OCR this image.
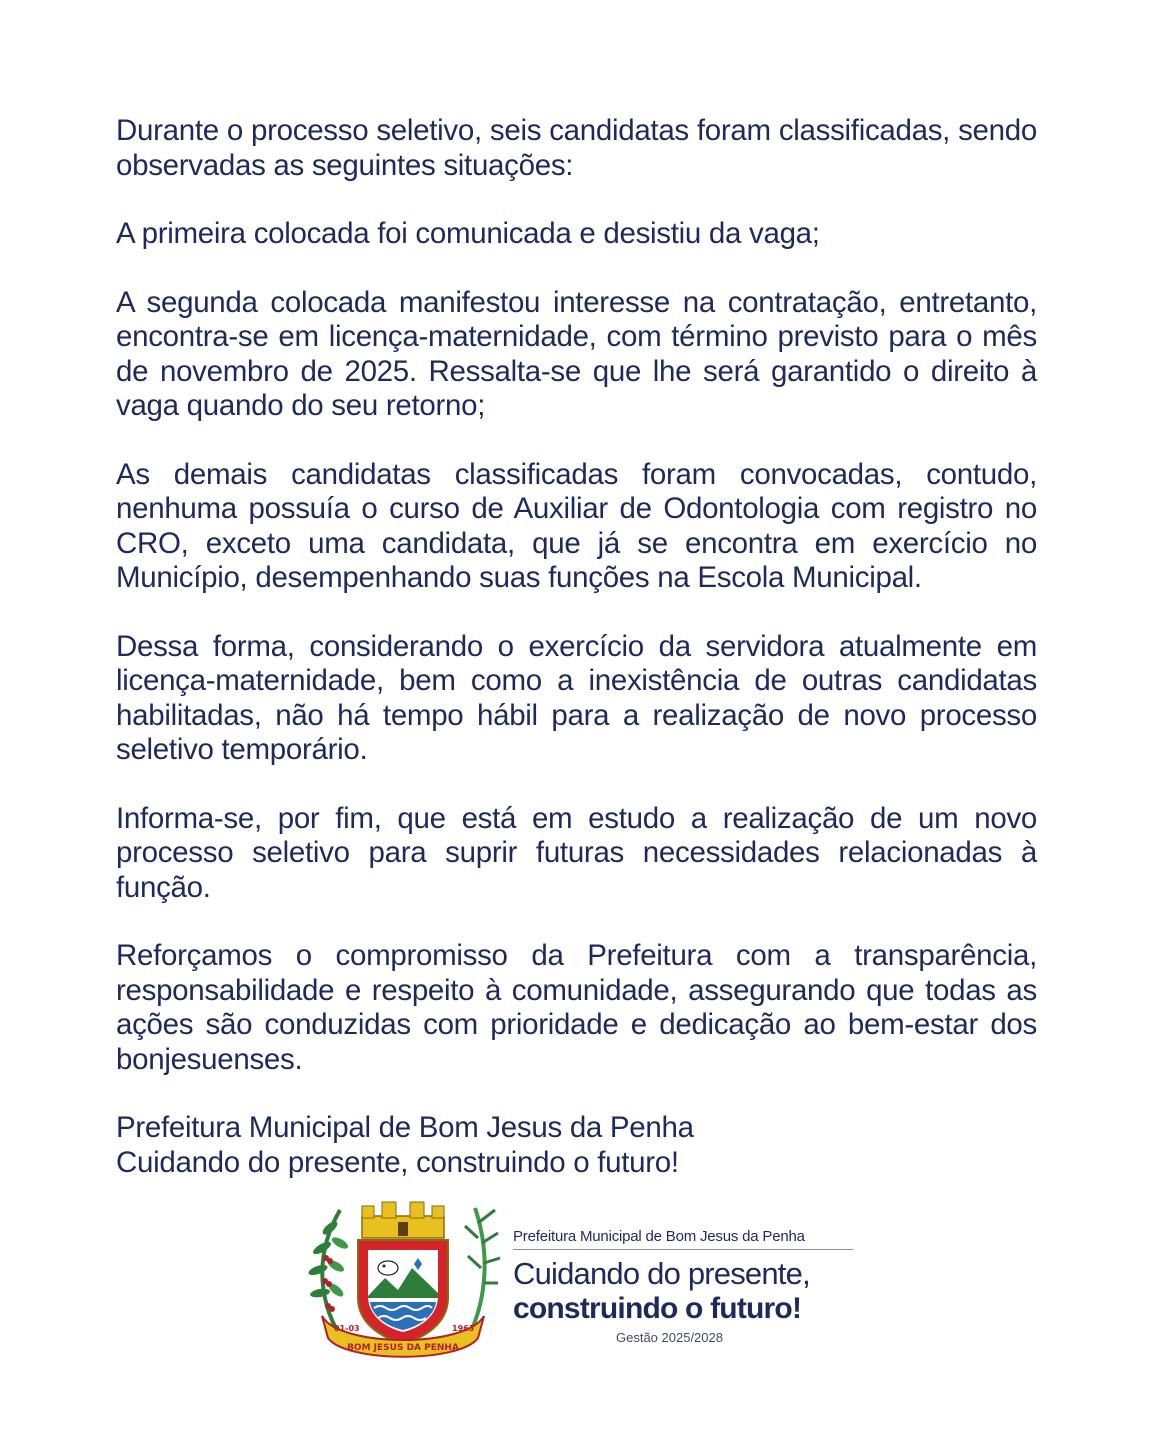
Durante o processo seletivo, seis candidatas foram classificadas, sendo observadas as seguintes situações:

A primeira colocada foi comunicada e desistiu da vaga;

A segunda colocada manifestou interesse na contratação, entretanto, encontra-se em licença-maternidade, com término previsto para o mês de novembro de 2025. Ressalta-se que lhe será garantido o direito à vaga quando do seu retorno;

As demais candidatas classificadas foram convocadas, contudo, nenhuma possuía o curso de Auxiliar de Odontologia com registro no CRO, exceto uma candidata, que já se encontra em exercício no Município, desempenhando suas funções na Escola Municipal.

Dessa forma, considerando o exercício da servidora atualmente em licença-maternidade, bem como a inexistência de outras candidatas habilitadas, não há tempo hábil para a realização de novo processo seletivo temporário.

Informa-se, por fim, que está em estudo a realização de um novo processo seletivo para suprir futuras necessidades relacionadas à função.

Reforçamos o compromisso da Prefeitura com a transparência, responsabilidade e respeito à comunidade, assegurando que todas as ações são conduzidas com prioridade e dedicação ao bem-estar dos bonjesuenses.

Prefeitura Municipal de Bom Jesus da Penha

Cuidando do presente, construindo o futuro!

BOM JESUS DA PENHA
01-03	1963
Prefeitura Municipal de Bom Jesus da Penha
Cuidando do presente,
construindo o futuro!
Gestão 2025/2028
